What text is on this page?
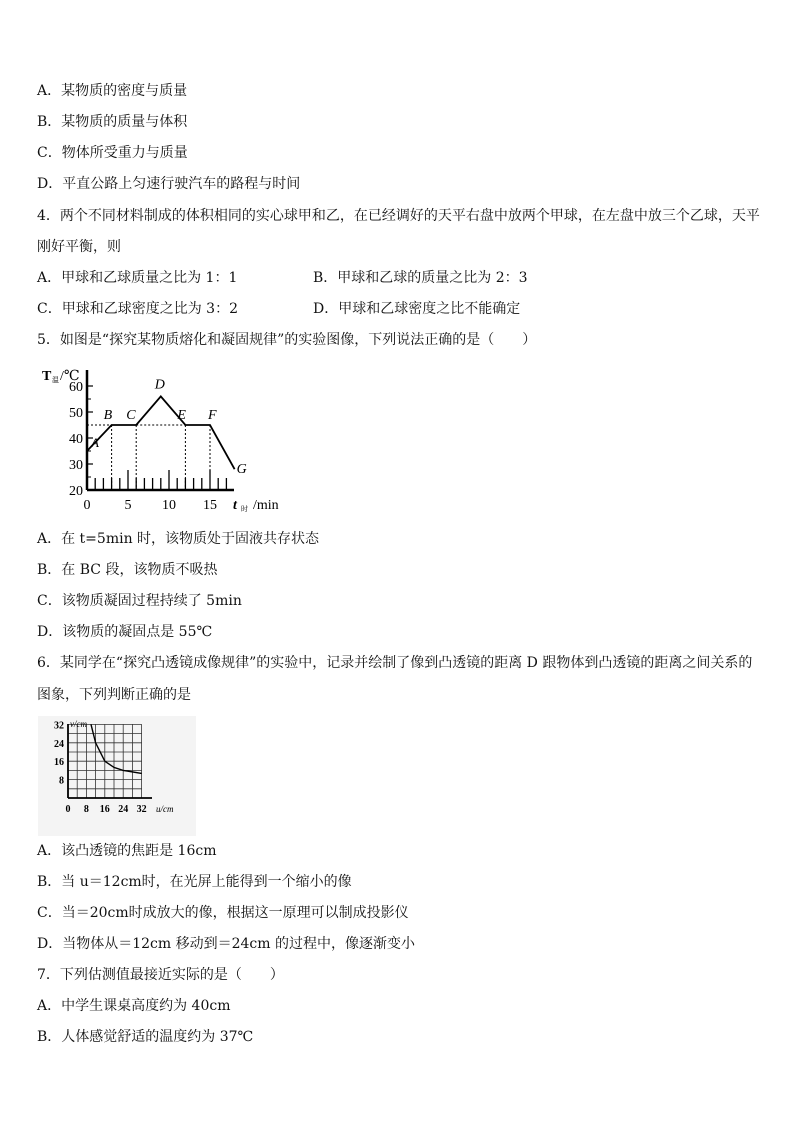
A．某物质的密度与质量
B．某物质的质量与体积
C．物体所受重力与质量
D．平直公路上匀速行驶汽车的路程与时间
4．两个不同材料制成的体积相同的实心球甲和乙，在已经调好的天平右盘中放两个甲球，在左盘中放三个乙球，天平
刚好平衡，则
A．甲球和乙球质量之比为 1：1	B．甲球和乙球的质量之比为 2：3
C．甲球和乙球密度之比为 3：2	D．甲球和乙球密度之比不能确定
5．如图是“探究某物质熔化和凝固规律”的实验图像，下列说法正确的是（　　）
T 温 /℃
20
30
40
50
60
0 5 10 15
A
B C
D
E F
G
t 时 /min
A．在 t=5min 时，该物质处于固液共存状态
B．在 BC 段，该物质不吸热
C．该物质凝固过程持续了 5min
D．该物质的凝固点是 55℃
6．某同学在“探究凸透镜成像规律”的实验中，记录并绘制了像到凸透镜的距离 D 跟物体到凸透镜的距离之间关系的
图象，下列判断正确的是
8
16
24
32
0 8 16 24 32
v/cm
u/cm
A．该凸透镜的焦距是 16cm
B．当 u＝12cm时，在光屏上能得到一个缩小的像
C．当＝20cm时成放大的像，根据这一原理可以制成投影仪
D．当物体从＝12cm 移动到＝24cm 的过程中，像逐渐变小
7．下列估测值最接近实际的是（　　）
A．中学生课桌高度约为 40cm
B．人体感觉舒适的温度约为 37℃
